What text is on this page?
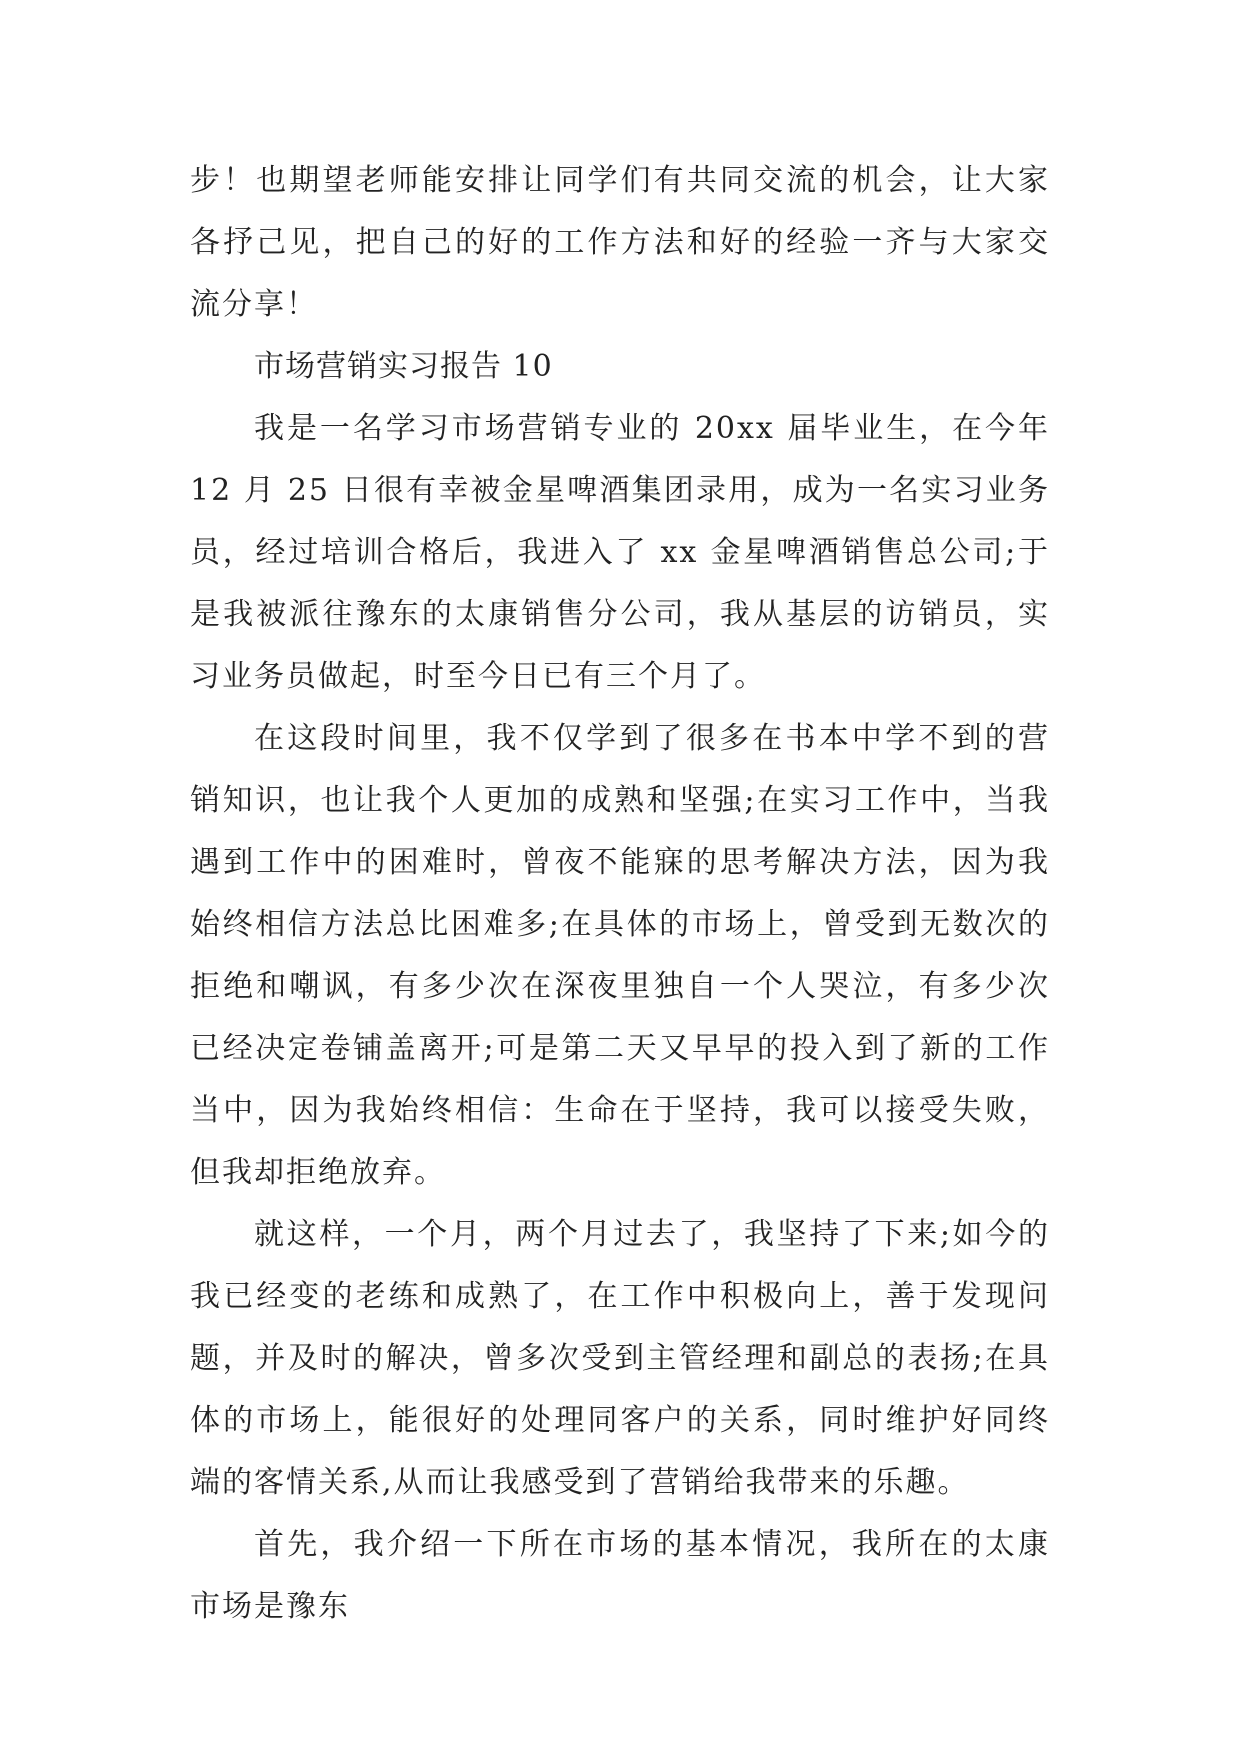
步！也期望老师能安排让同学们有共同交流的机会，让大家各抒己见，把自己的好的工作方法和好的经验一齐与大家交流分享！

市场营销实习报告 10

我是一名学习市场营销专业的 20xx 届毕业生，在今年 12 月 25 日很有幸被金星啤酒集团录用，成为一名实习业务员，经过培训合格后，我进入了 xx 金星啤酒销售总公司;于是我被派往豫东的太康销售分公司，我从基层的访销员，实习业务员做起，时至今日已有三个月了。

在这段时间里，我不仅学到了很多在书本中学不到的营销知识，也让我个人更加的成熟和坚强;在实习工作中，当我遇到工作中的困难时，曾夜不能寐的思考解决方法，因为我始终相信方法总比困难多;在具体的市场上，曾受到无数次的拒绝和嘲讽，有多少次在深夜里独自一个人哭泣，有多少次已经决定卷铺盖离开;可是第二天又早早的投入到了新的工作当中，因为我始终相信：生命在于坚持，我可以接受失败，但我却拒绝放弃。

就这样，一个月，两个月过去了，我坚持了下来;如今的我已经变的老练和成熟了，在工作中积极向上，善于发现问题，并及时的解决，曾多次受到主管经理和副总的表扬;在具体的市场上，能很好的处理同客户的关系，同时维护好同终端的客情关系,从而让我感受到了营销给我带来的乐趣。

首先，我介绍一下所在市场的基本情况，我所在的太康市场是豫东
